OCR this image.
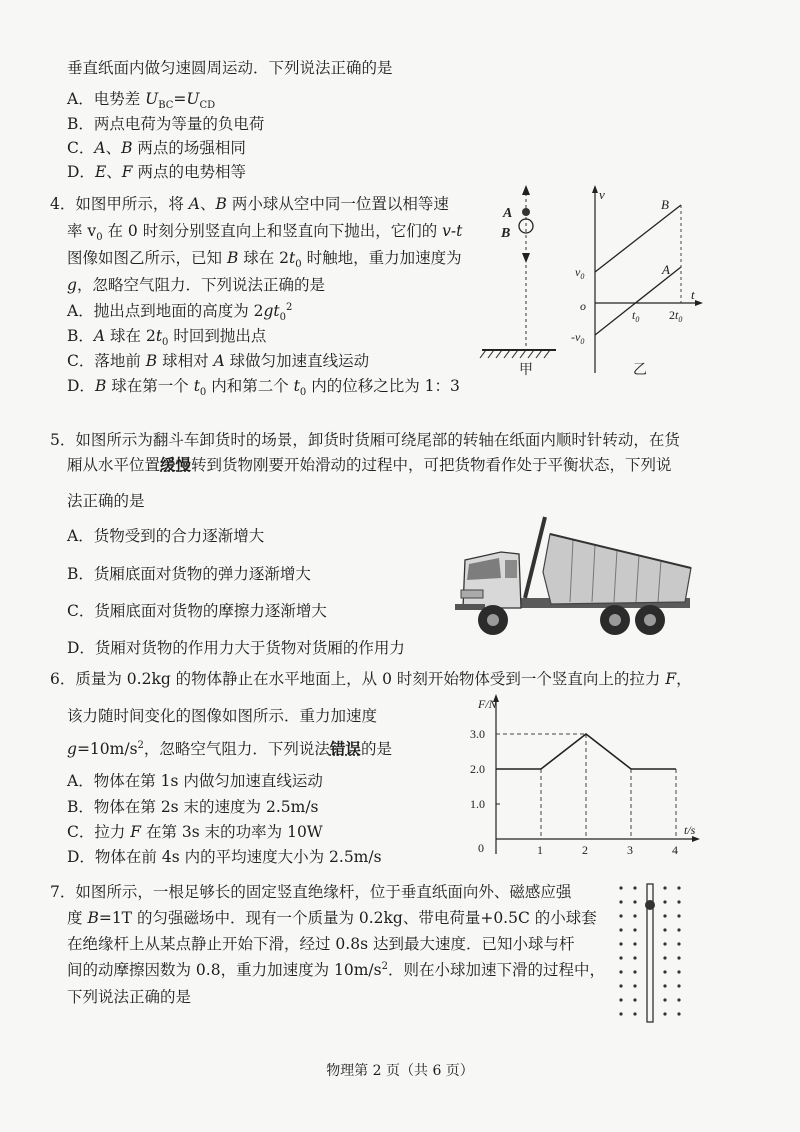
垂直纸面内做匀速圆周运动．下列说法正确的是
A．电势差 $U_{BC}=U_{CD}$
B．两点电荷为等量的负电荷
C．A、B 两点的场强相同
D．E、F 两点的电势相等
4．如图甲所示，将 A、B 两小球从空中同一位置以相等速
率 $v_0$ 在 0 时刻分别竖直向上和竖直向下抛出，它们的 v-t
图像如图乙所示，已知 B 球在 $2t_0$ 时触地，重力加速度为
g，忽略空气阻力．下列说法正确的是
A．抛出点到地面的高度为 $2gt_0^2$
B．A 球在 $2t_0$ 时回到抛出点
C．落地前 B 球相对 A 球做匀加速直线运动
D．B 球在第一个 $t_0$ 内和第二个 $t_0$ 内的位移之比为 1：3
A
B
甲
v
t
B
A
$v_0$
o
$-v_0$
$t_0$ $2t_0$
乙
5．如图所示为翻斗车卸货时的场景，卸货时货厢可绕尾部的转轴在纸面内顺时针转动，在货
厢从水平位置缓慢转到货物刚要开始滑动的过程中，可把货物看作处于平衡状态，下列说
法正确的是
A．货物受到的合力逐渐增大
B．货厢底面对货物的弹力逐渐增大
C．货厢底面对货物的摩擦力逐渐增大
D．货厢对货物的作用力大于货物对货厢的作用力
6．质量为 0.2kg 的物体静止在水平地面上，从 0 时刻开始物体受到一个竖直向上的拉力 F，
该力随时间变化的图像如图所示．重力加速度
$g=10m/s^2$，忽略空气阻力．下列说法错误的是
A．物体在第 1s 内做匀加速直线运动
B．物体在第 2s 末的速度为 2.5m/s
C．拉力 F 在第 3s 末的功率为 10W
D．物体在前 4s 内的平均速度大小为 2.5m/s
F/N
t/s
0
1.0
2.0
3.0
1	2	3	4
7．如图所示，一根足够长的固定竖直绝缘杆，位于垂直纸面向外、磁感应强
度 B=1T 的匀强磁场中．现有一个质量为 0.2kg、带电荷量+0.5C 的小球套
在绝缘杆上从某点静止开始下滑，经过 0.8s 达到最大速度．已知小球与杆
间的动摩擦因数为 0.8，重力加速度为 $10m/s^2$．则在小球加速下滑的过程中，
下列说法正确的是
物理第 2 页（共 6 页）
